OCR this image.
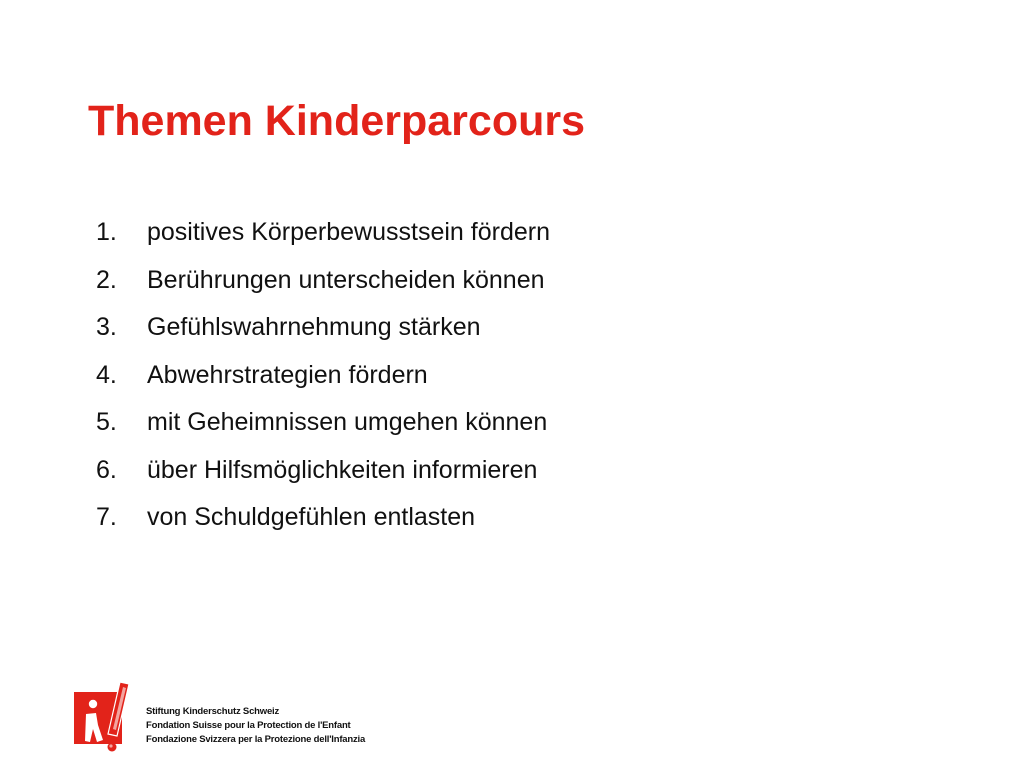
Themen Kinderparcours
1.	positives Körperbewusstsein fördern
2.	Berührungen unterscheiden können
3.	Gefühlswahrnehmung stärken
4.	Abwehrstrategien fördern
5.	mit Geheimnissen umgehen können
6.	über Hilfsmöglichkeiten informieren
7.	von Schuldgefühlen entlasten
Stiftung Kinderschutz Schweiz
Fondation Suisse pour la Protection de l'Enfant
Fondazione Svizzera per la Protezione dell'Infanzia
